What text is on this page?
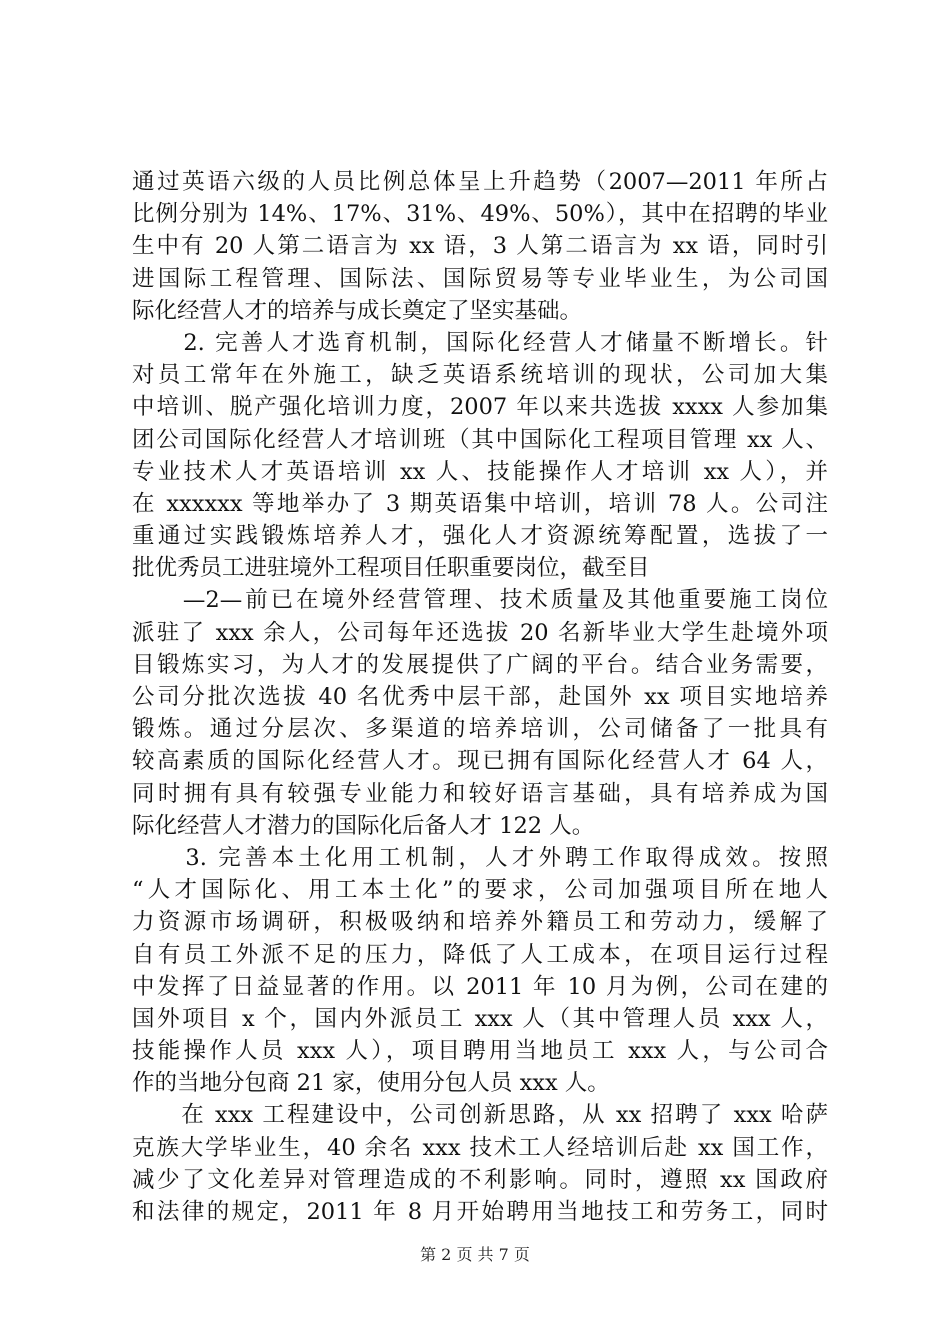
通过英语六级的人员比例总体呈上升趋势（2007—2011 年所占
比例分别为 14%、17%、31%、49%、50%），其中在招聘的毕业
生中有 20 人第二语言为 xx 语，3 人第二语言为 xx 语，同时引
进国际工程管理、国际法、国际贸易等专业毕业生，为公司国
际化经营人才的培养与成长奠定了坚实基础。
　　2. 完善人才选育机制，国际化经营人才储量不断增长。针
对员工常年在外施工，缺乏英语系统培训的现状，公司加大集
中培训、脱产强化培训力度，2007 年以来共选拔 xxxx 人参加集
团公司国际化经营人才培训班（其中国际化工程项目管理 xx 人、
专业技术人才英语培训 xx 人、技能操作人才培训 xx 人），并
在 xxxxxx 等地举办了 3 期英语集中培训，培训 78 人。公司注
重通过实践锻炼培养人才，强化人才资源统筹配置，选拔了一
批优秀员工进驻境外工程项目任职重要岗位，截至目
　　—2—前已在境外经营管理、技术质量及其他重要施工岗位
派驻了 xxx 余人，公司每年还选拔 20 名新毕业大学生赴境外项
目锻炼实习，为人才的发展提供了广阔的平台。结合业务需要，
公司分批次选拔 40 名优秀中层干部，赴国外 xx 项目实地培养
锻炼。通过分层次、多渠道的培养培训，公司储备了一批具有
较高素质的国际化经营人才。现已拥有国际化经营人才 64 人，
同时拥有具有较强专业能力和较好语言基础，具有培养成为国
际化经营人才潜力的国际化后备人才 122 人。
　　3. 完善本土化用工机制，人才外聘工作取得成效。按照
“人才国际化、用工本土化”的要求，公司加强项目所在地人
力资源市场调研，积极吸纳和培养外籍员工和劳动力，缓解了
自有员工外派不足的压力，降低了人工成本，在项目运行过程
中发挥了日益显著的作用。以 2011 年 10 月为例，公司在建的
国外项目 x 个，国内外派员工 xxx 人（其中管理人员 xxx 人，
技能操作人员 xxx 人），项目聘用当地员工 xxx 人，与公司合
作的当地分包商 21 家，使用分包人员 xxx 人。
　　在 xxx 工程建设中，公司创新思路，从 xx 招聘了 xxx 哈萨
克族大学毕业生，40 余名 xxx 技术工人经培训后赴 xx 国工作，
减少了文化差异对管理造成的不利影响。同时，遵照 xx 国政府
和法律的规定，2011 年 8 月开始聘用当地技工和劳务工，同时
第 2 页 共 7 页
